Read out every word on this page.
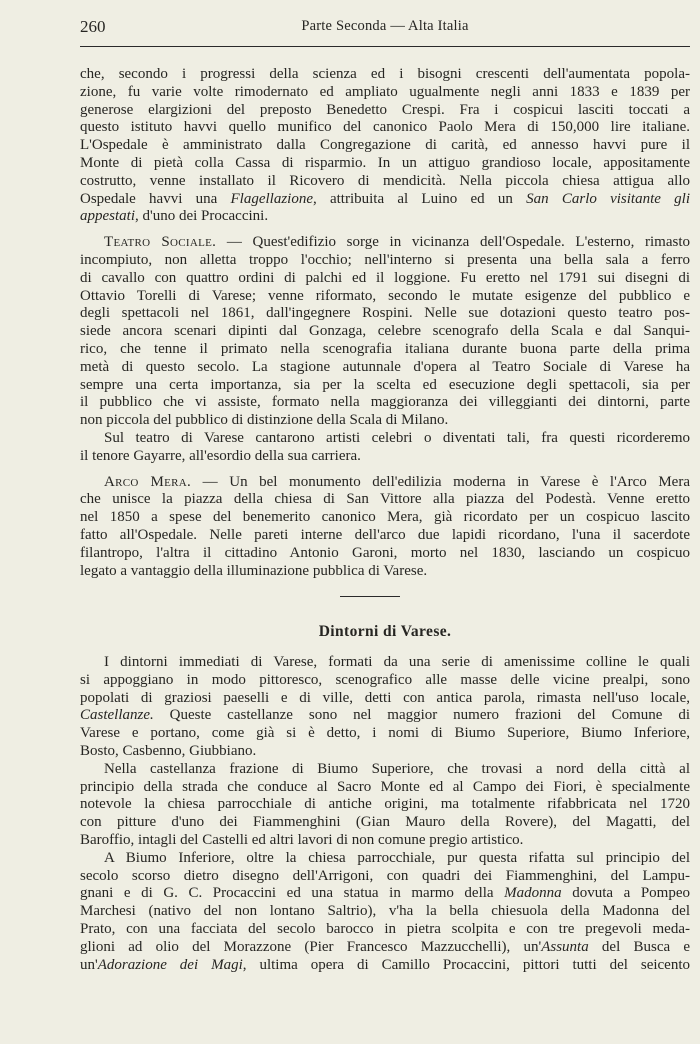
260	Parte Seconda — Alta Italia
che, secondo i progressi della scienza ed i bisogni crescenti dell'aumentata popola-
zione, fu varie volte rimodernato ed ampliato ugualmente negli anni 1833 e 1839 per
generose elargizioni del preposto Benedetto Crespi. Fra i cospicui lasciti toccati a
questo istituto havvi quello munifico del canonico Paolo Mera di 150,000 lire italiane.
L'Ospedale è amministrato dalla Congregazione di carità, ed annesso havvi pure il
Monte di pietà colla Cassa di risparmio. In un attiguo grandioso locale, appositamente
costrutto, venne installato il Ricovero di mendicità. Nella piccola chiesa attigua allo
Ospedale havvi una Flagellazione, attribuita al Luino ed un San Carlo visitante gli
appestati, d'uno dei Procaccini.
Teatro Sociale. — Quest'edifizio sorge in vicinanza dell'Ospedale. L'esterno, rimasto
incompiuto, non alletta troppo l'occhio; nell'interno si presenta una bella sala a ferro
di cavallo con quattro ordini di palchi ed il loggione. Fu eretto nel 1791 sui disegni di
Ottavio Torelli di Varese; venne riformato, secondo le mutate esigenze del pubblico e
degli spettacoli nel 1861, dall'ingegnere Rospini. Nelle sue dotazioni questo teatro pos-
siede ancora scenari dipinti dal Gonzaga, celebre scenografo della Scala e dal Sanqui-
rico, che tenne il primato nella scenografia italiana durante buona parte della prima
metà di questo secolo. La stagione autunnale d'opera al Teatro Sociale di Varese ha
sempre una certa importanza, sia per la scelta ed esecuzione degli spettacoli, sia per
il pubblico che vi assiste, formato nella maggioranza dei villeggianti dei dintorni, parte
non piccola del pubblico di distinzione della Scala di Milano.
Sul teatro di Varese cantarono artisti celebri o diventati tali, fra questi ricorderemo
il tenore Gayarre, all'esordio della sua carriera.
Arco Mera. — Un bel monumento dell'edilizia moderna in Varese è l'Arco Mera
che unisce la piazza della chiesa di San Vittore alla piazza del Podestà. Venne eretto
nel 1850 a spese del benemerito canonico Mera, già ricordato per un cospicuo lascito
fatto all'Ospedale. Nelle pareti interne dell'arco due lapidi ricordano, l'una il sacerdote
filantropo, l'altra il cittadino Antonio Garoni, morto nel 1830, lasciando un cospicuo
legato a vantaggio della illuminazione pubblica di Varese.
Dintorni di Varese.
I dintorni immediati di Varese, formati da una serie di amenissime colline le quali
si appoggiano in modo pittoresco, scenografico alle masse delle vicine prealpi, sono
popolati di graziosi paeselli e di ville, detti con antica parola, rimasta nell'uso locale,
Castellanze. Queste castellanze sono nel maggior numero frazioni del Comune di
Varese e portano, come già si è detto, i nomi di Biumo Superiore, Biumo Inferiore,
Bosto, Casbenno, Giubbiano.
Nella castellanza frazione di Biumo Superiore, che trovasi a nord della città al
principio della strada che conduce al Sacro Monte ed al Campo dei Fiori, è specialmente
notevole la chiesa parrocchiale di antiche origini, ma totalmente rifabbricata nel 1720
con pitture d'uno dei Fiammenghini (Gian Mauro della Rovere), del Magatti, del
Baroffio, intagli del Castelli ed altri lavori di non comune pregio artistico.
A Biumo Inferiore, oltre la chiesa parrocchiale, pur questa rifatta sul principio del
secolo scorso dietro disegno dell'Arrigoni, con quadri dei Fiammenghini, del Lampu-
gnani e di G. C. Procaccini ed una statua in marmo della Madonna dovuta a Pompeo
Marchesi (nativo del non lontano Saltrio), v'ha la bella chiesuola della Madonna del
Prato, con una facciata del secolo barocco in pietra scolpita e con tre pregevoli meda-
glioni ad olio del Morazzone (Pier Francesco Mazzucchelli), un'Assunta del Busca e
un'Adorazione dei Magi, ultima opera di Camillo Procaccini, pittori tutti del seicento
